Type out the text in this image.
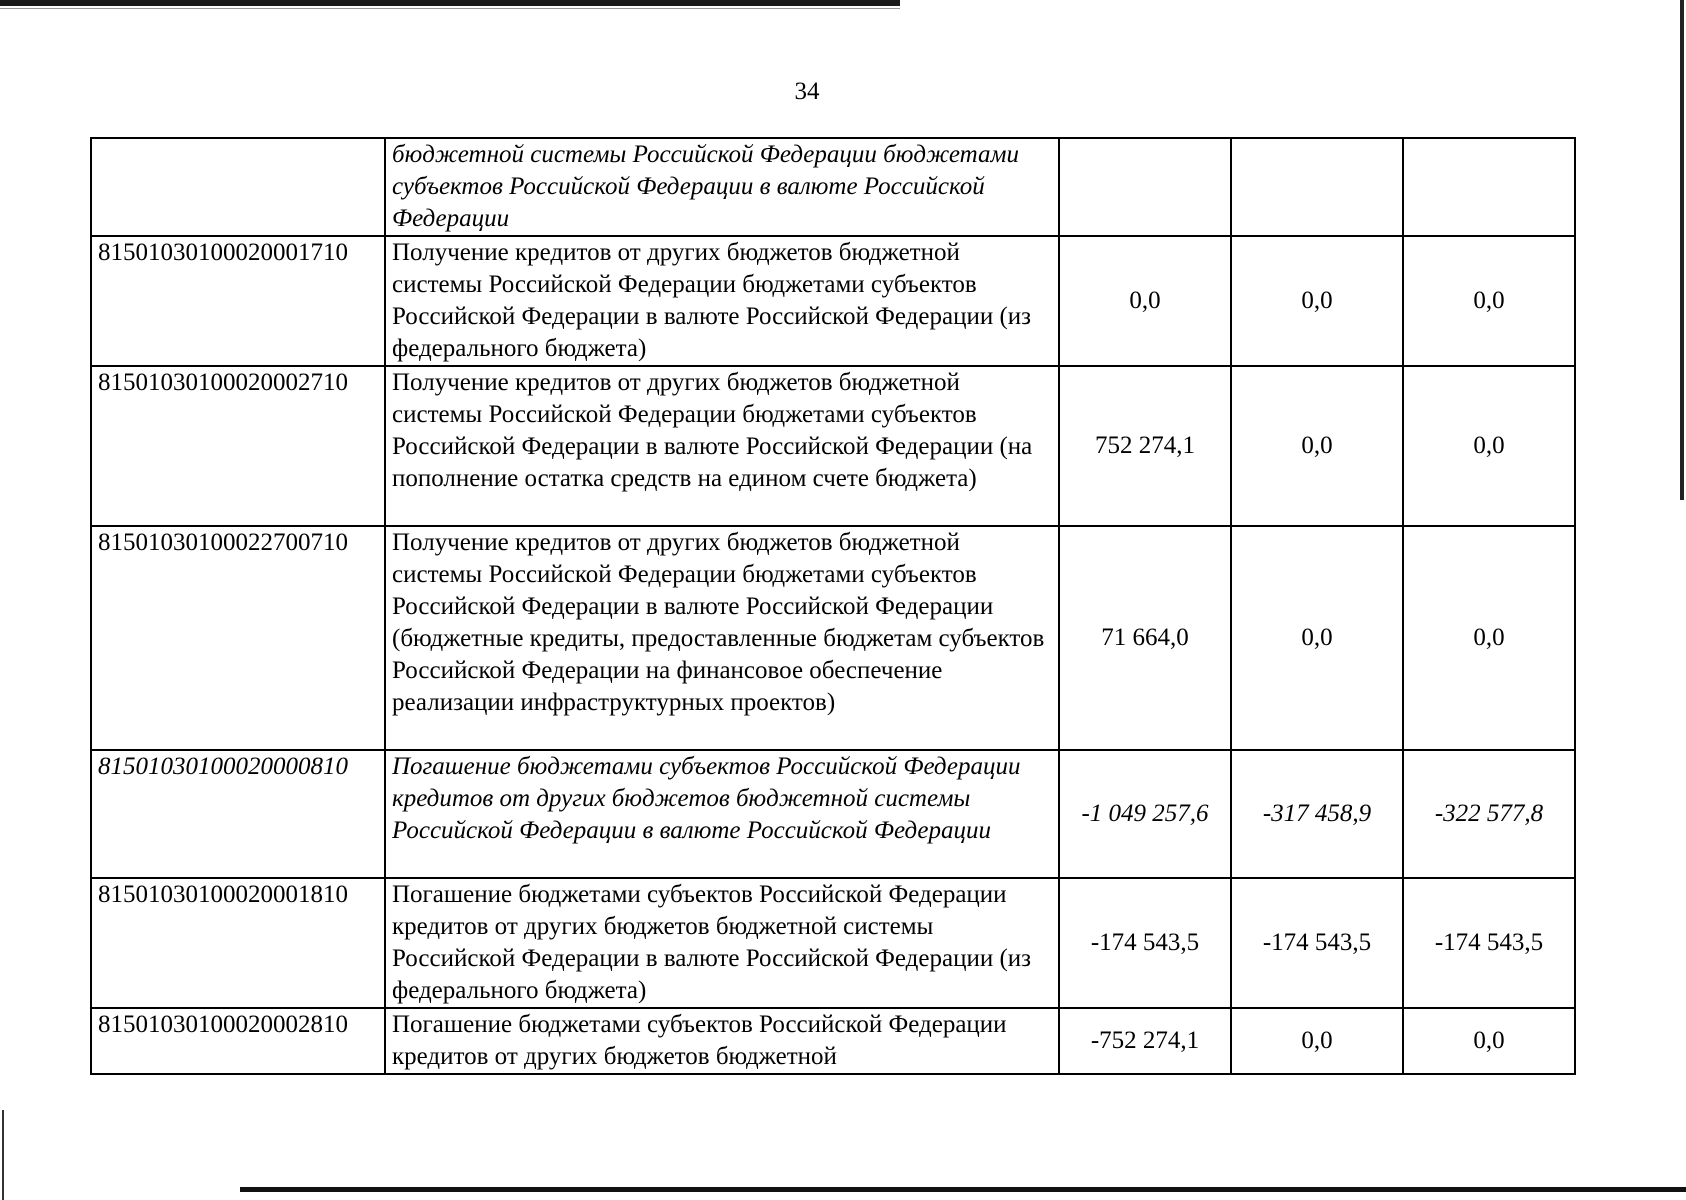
34
	бюджетной системы Российской Федерации бюджетами субъектов Российской Федерации в валюте Российской Федерации			
81501030100020001710	Получение кредитов от других бюджетов бюджетной системы Российской Федерации бюджетами субъектов Российской Федерации в валюте Российской Федерации (из федерального бюджета)	0,0	0,0	0,0
81501030100020002710	Получение кредитов от других бюджетов бюджетной системы Российской Федерации бюджетами субъектов Российской Федерации в валюте Российской Федерации (на пополнение остатка средств на едином счете бюджета)	752 274,1	0,0	0,0
81501030100022700710	Получение кредитов от других бюджетов бюджетной системы Российской Федерации бюджетами субъектов Российской Федерации в валюте Российской Федерации (бюджетные кредиты, предоставленные бюджетам субъектов Российской Федерации на финансовое обеспечение реализации инфраструктурных проектов)	71 664,0	0,0	0,0
81501030100020000810	Погашение бюджетами субъектов Российской Федерации кредитов от других бюджетов бюджетной системы Российской Федерации в валюте Российской Федерации	-1 049 257,6	-317 458,9	-322 577,8
81501030100020001810	Погашение бюджетами субъектов Российской Федерации кредитов от других бюджетов бюджетной системы Российской Федерации в валюте Российской Федерации (из федерального бюджета)	-174 543,5	-174 543,5	-174 543,5
81501030100020002810	Погашение бюджетами субъектов Российской Федерации кредитов от других бюджетов бюджетной	-752 274,1	0,0	0,0
